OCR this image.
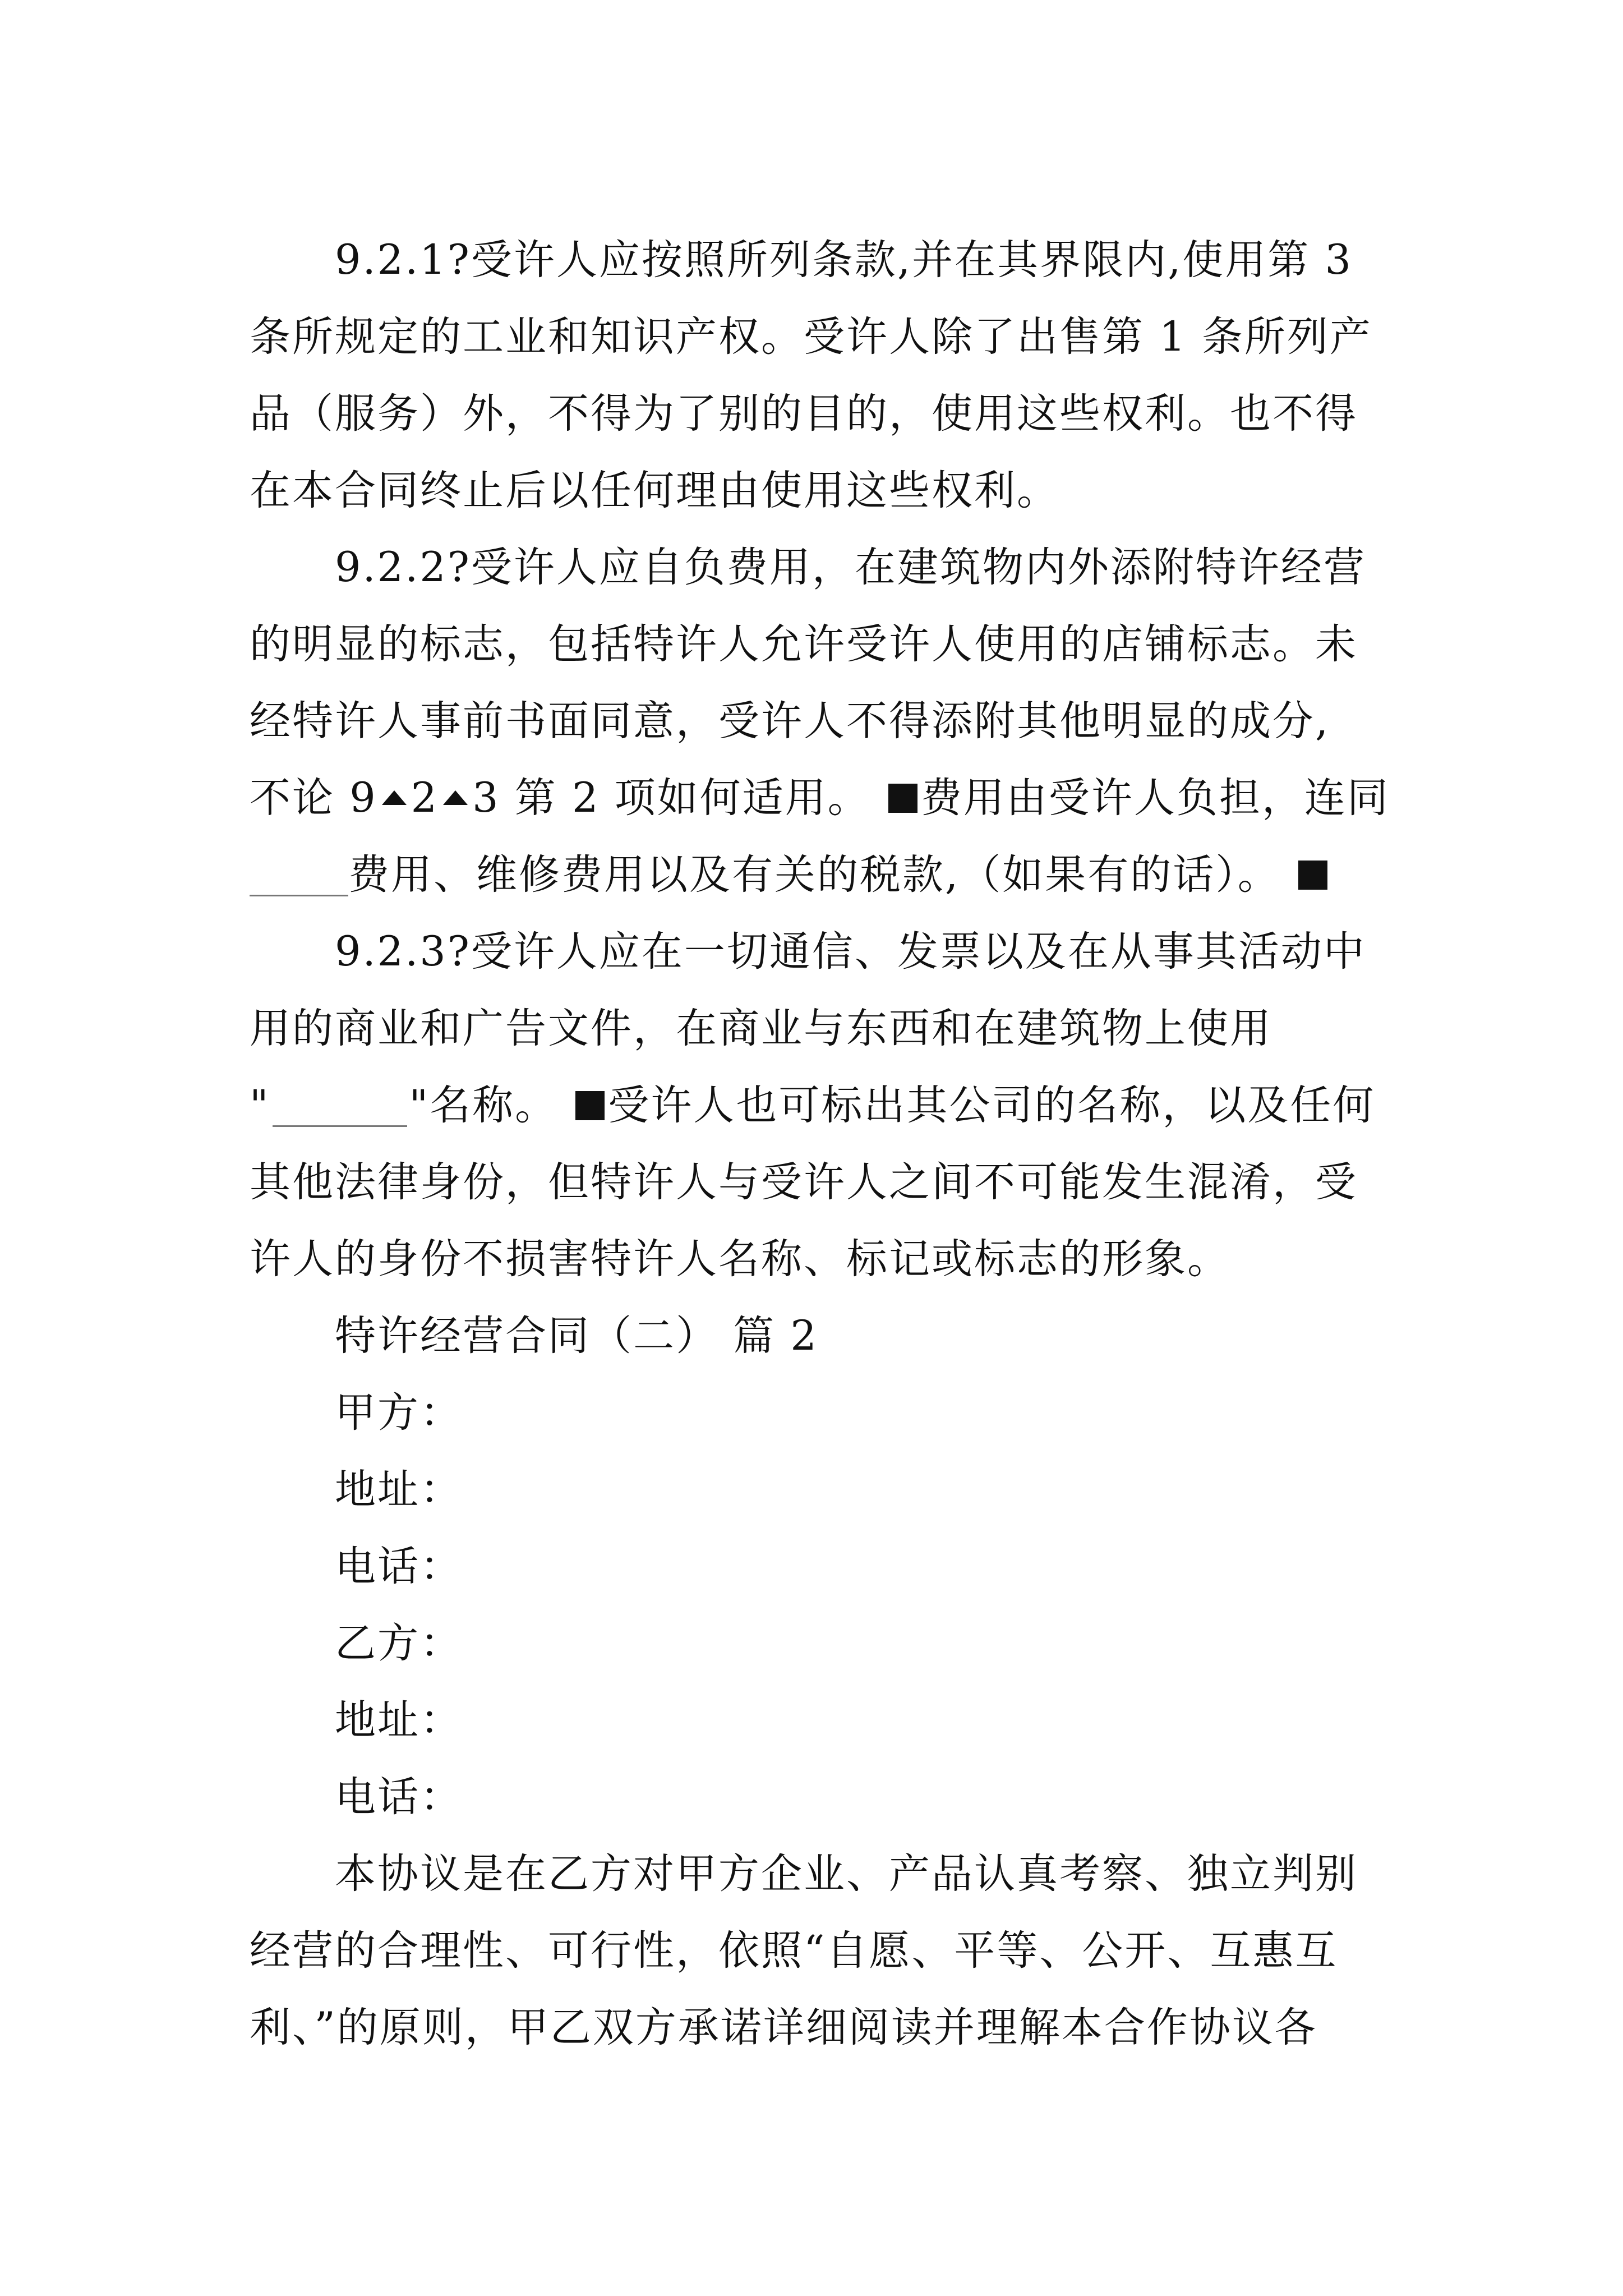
9.2.1?受许人应按照所列条款,并在其界限内,使用第 3
条所规定的工业和知识产权。受许人除了出售第 1 条所列产
品（服务）外，不得为了别的目的，使用这些权利。也不得
在本合同终止后以任何理由使用这些权利。
9.2.2?受许人应自负费用，在建筑物内外添附特许经营
的明显的标志，包括特许人允许受许人使用的店铺标志。未
经特许人事前书面同意，受许人不得添附其他明显的成分,
不论 9 2 3 第 2 项如何适用。 费用由受许人负担，连同
费用、维修费用以及有关的税款,（如果有的话）。
9.2.3?受许人应在一切通信、发票以及在从事其活动中
用的商业和广告文件，在商业与东西和在建筑物上使用
"	"名称。 受许人也可标出其公司的名称，以及任何
其他法律身份，但特许人与受许人之间不可能发生混淆，受
许人的身份不损害特许人名称、标记或标志的形象。
特许经营合同（二） 篇 2
甲方：
地址：
电话：
乙方：
地址：
电话：
本协议是在乙方对甲方企业、产品认真考察、独立判别
经营的合理性、可行性，依照“自愿、平等、公开、互惠互
利、”的原则，甲乙双方承诺详细阅读并理解本合作协议各
